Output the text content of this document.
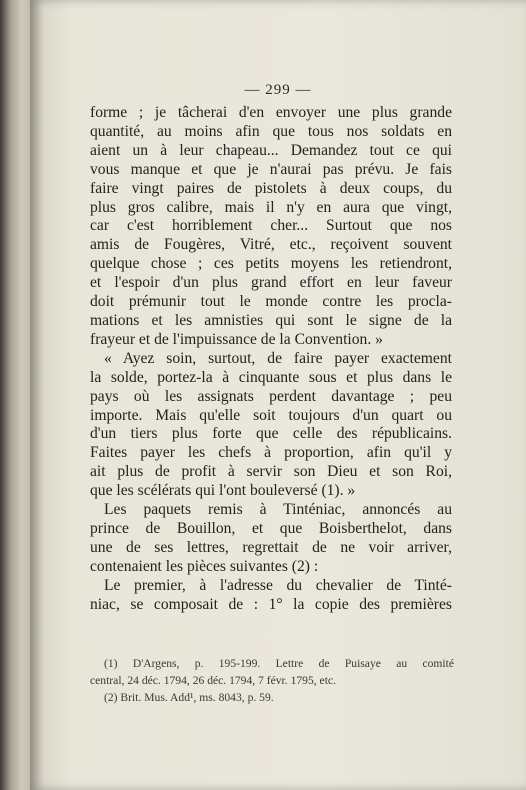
— 299 —
forme ; je tâcherai d'en envoyer une plus grande
quantité, au moins afin que tous nos soldats en
aient un à leur chapeau... Demandez tout ce qui
vous manque et que je n'aurai pas prévu. Je fais
faire vingt paires de pistolets à deux coups, du
plus gros calibre, mais il n'y en aura que vingt,
car c'est horriblement cher... Surtout que nos
amis de Fougères, Vitré, etc., reçoivent souvent
quelque chose ; ces petits moyens les retiendront,
et l'espoir d'un plus grand effort en leur faveur
doit prémunir tout le monde contre les procla-
mations et les amnisties qui sont le signe de la
frayeur et de l'impuissance de la Convention. »
« Ayez soin, surtout, de faire payer exactement
la solde, portez-la à cinquante sous et plus dans le
pays où les assignats perdent davantage ; peu
importe. Mais qu'elle soit toujours d'un quart ou
d'un tiers plus forte que celle des républicains.
Faites payer les chefs à proportion, afin qu'il y
ait plus de profit à servir son Dieu et son Roi,
que les scélérats qui l'ont bouleversé (1). »
Les paquets remis à Tinténiac, annoncés au
prince de Bouillon, et que Boisberthelot, dans
une de ses lettres, regrettait de ne voir arriver,
contenaient les pièces suivantes (2) :
Le premier, à l'adresse du chevalier de Tinté-
niac, se composait de : 1° la copie des premières
(1) D'Argens, p. 195-199. Lettre de Puisaye au comité
central, 24 déc. 1794, 26 déc. 1794, 7 févr. 1795, etc.
(2) Brit. Mus. Add¹, ms. 8043, p. 59.
